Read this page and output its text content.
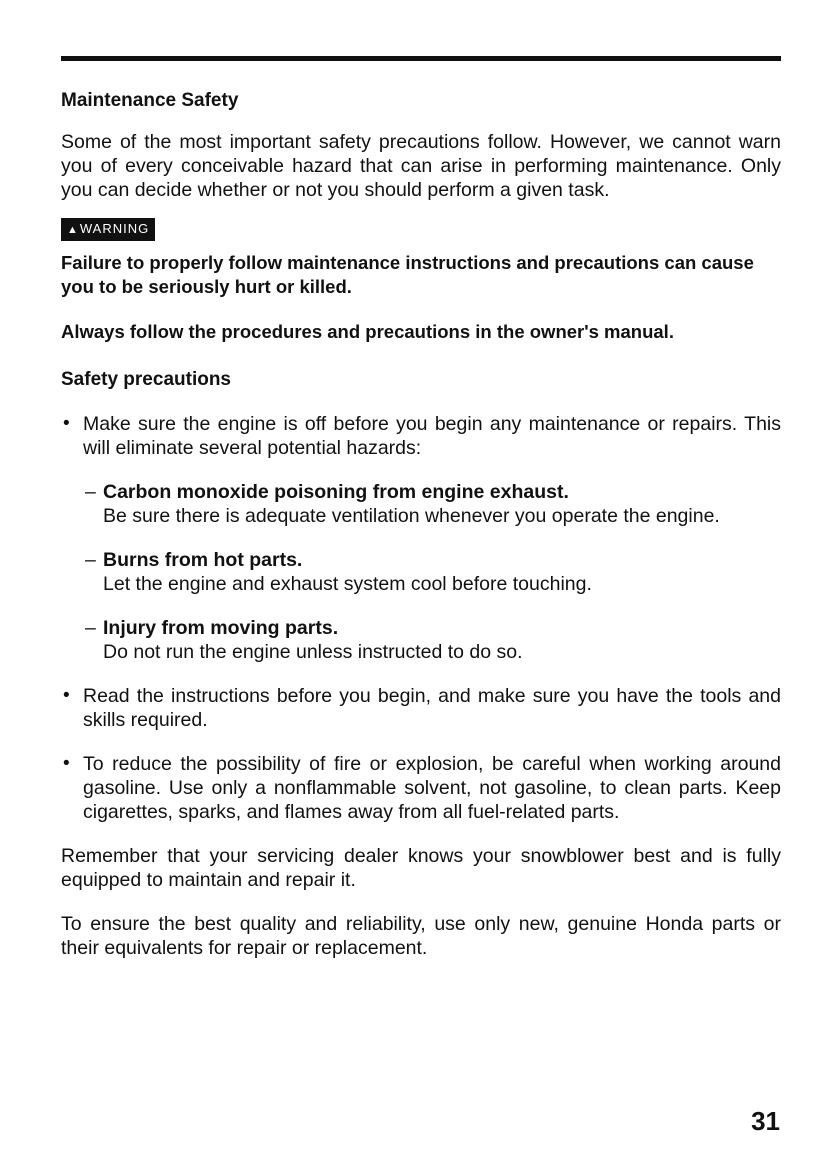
Maintenance Safety
Some of the most important safety precautions follow. However, we cannot warn you of every conceivable hazard that can arise in performing maintenance. Only you can decide whether or not you should perform a given task.
▲WARNING
Failure to properly follow maintenance instructions and precautions can cause you to be seriously hurt or killed.
Always follow the procedures and precautions in the owner's manual.
Safety precautions
• Make sure the engine is off before you begin any maintenance or repairs. This will eliminate several potential hazards:
– Carbon monoxide poisoning from engine exhaust.
Be sure there is adequate ventilation whenever you operate the engine.
– Burns from hot parts.
Let the engine and exhaust system cool before touching.
– Injury from moving parts.
Do not run the engine unless instructed to do so.
• Read the instructions before you begin, and make sure you have the tools and skills required.
• To reduce the possibility of fire or explosion, be careful when working around gasoline. Use only a nonflammable solvent, not gasoline, to clean parts. Keep cigarettes, sparks, and flames away from all fuel-related parts.
Remember that your servicing dealer knows your snowblower best and is fully equipped to maintain and repair it.
To ensure the best quality and reliability, use only new, genuine Honda parts or their equivalents for repair or replacement.
31
